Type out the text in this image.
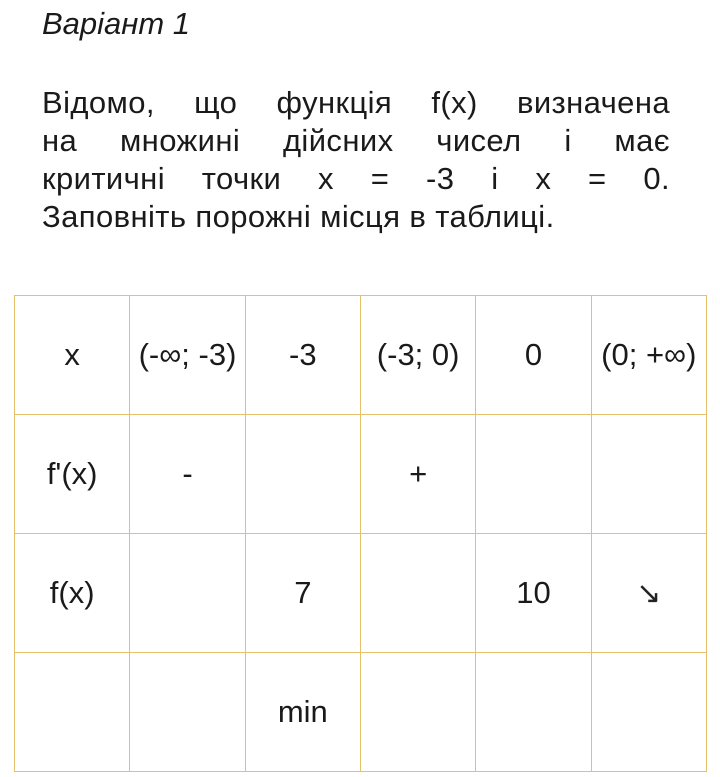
Варіант 1

Відомо, що функція f(x) визначена
на множині дійсних чисел і має
критичні точки x = -3 і x = 0.
Заповніть порожні місця в таблиці.

x	(-∞; -3)	-3	(-3; 0)	0	(0; +∞)
f'(x)	-		+		
f(x)		7		10	↘
		min			
